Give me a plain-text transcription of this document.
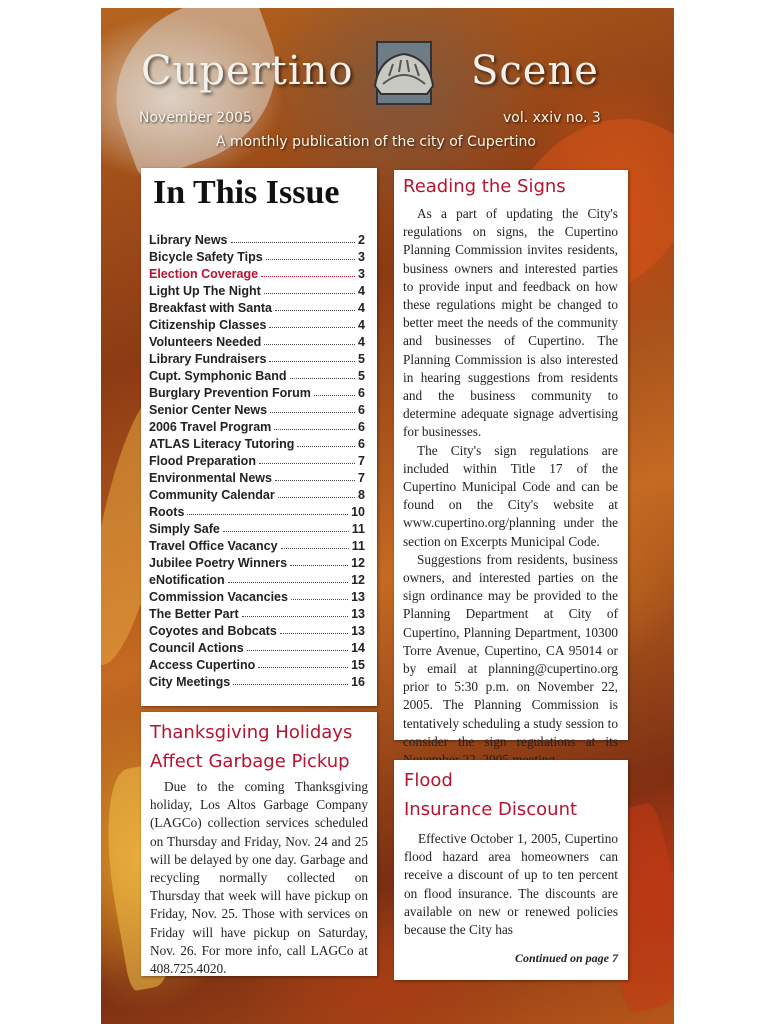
Cupertino	Scene
November 2005	vol. xxiv no. 3
A monthly publication of the city of Cupertino
In This Issue
Library News	2
Bicycle Safety Tips	3
Election Coverage	3
Light Up The Night	4
Breakfast with Santa	4
Citizenship Classes	4
Volunteers Needed	4
Library Fundraisers	5
Cupt. Symphonic Band	5
Burglary Prevention Forum	6
Senior Center News	6
2006 Travel Program	6
ATLAS Literacy Tutoring	6
Flood Preparation	7
Environmental News	7
Community Calendar	8
Roots	10
Simply Safe	11
Travel Office Vacancy	11
Jubilee Poetry Winners	12
eNotification	12
Commission Vacancies	13
The Better Part	13
Coyotes and Bobcats	13
Council Actions	14
Access Cupertino	15
City Meetings	16
Reading the Signs

As a part of updating the City's regulations on signs, the Cupertino Planning Commission invites residents, business owners and interested parties to provide input and feedback on how these regulations might be changed to better meet the needs of the community and businesses of Cupertino. The Planning Commission is also interested in hearing suggestions from residents and the business community to determine adequate signage advertising for businesses.

The City's sign regulations are included within Title 17 of the Cupertino Municipal Code and can be found on the City's website at www.cupertino.org/planning under the section on Excerpts Municipal Code.

Suggestions from residents, business owners, and interested parties on the sign ordinance may be provided to the Planning Department at City of Cupertino, Planning Department, 10300 Torre Avenue, Cupertino, CA 95014 or by email at planning@cupertino.org prior to 5:30 p.m. on November 22, 2005. The Planning Commission is tentatively scheduling a study session to consider the sign regulations at its

Thanksgiving Holidays
Affect Garbage Pickup

Due to the coming Thanksgiving holiday, Los Altos Garbage Company (LAGCo) collection services scheduled on Thursday and Friday, Nov. 24 and 25 will be delayed by one day. Garbage and recycling normally collected on Thursday that week will have pickup on Friday, Nov. 25. Those with services on Friday will have pickup on Saturday, Nov. 26. For more info, call LAGCo at 408.725.4020.

Flood
Insurance Discount

Effective October 1, 2005, Cupertino flood hazard area homeowners can receive a discount of up to ten percent on flood insurance. The discounts are available on new or renewed policies because the City has

Continued on page 7
